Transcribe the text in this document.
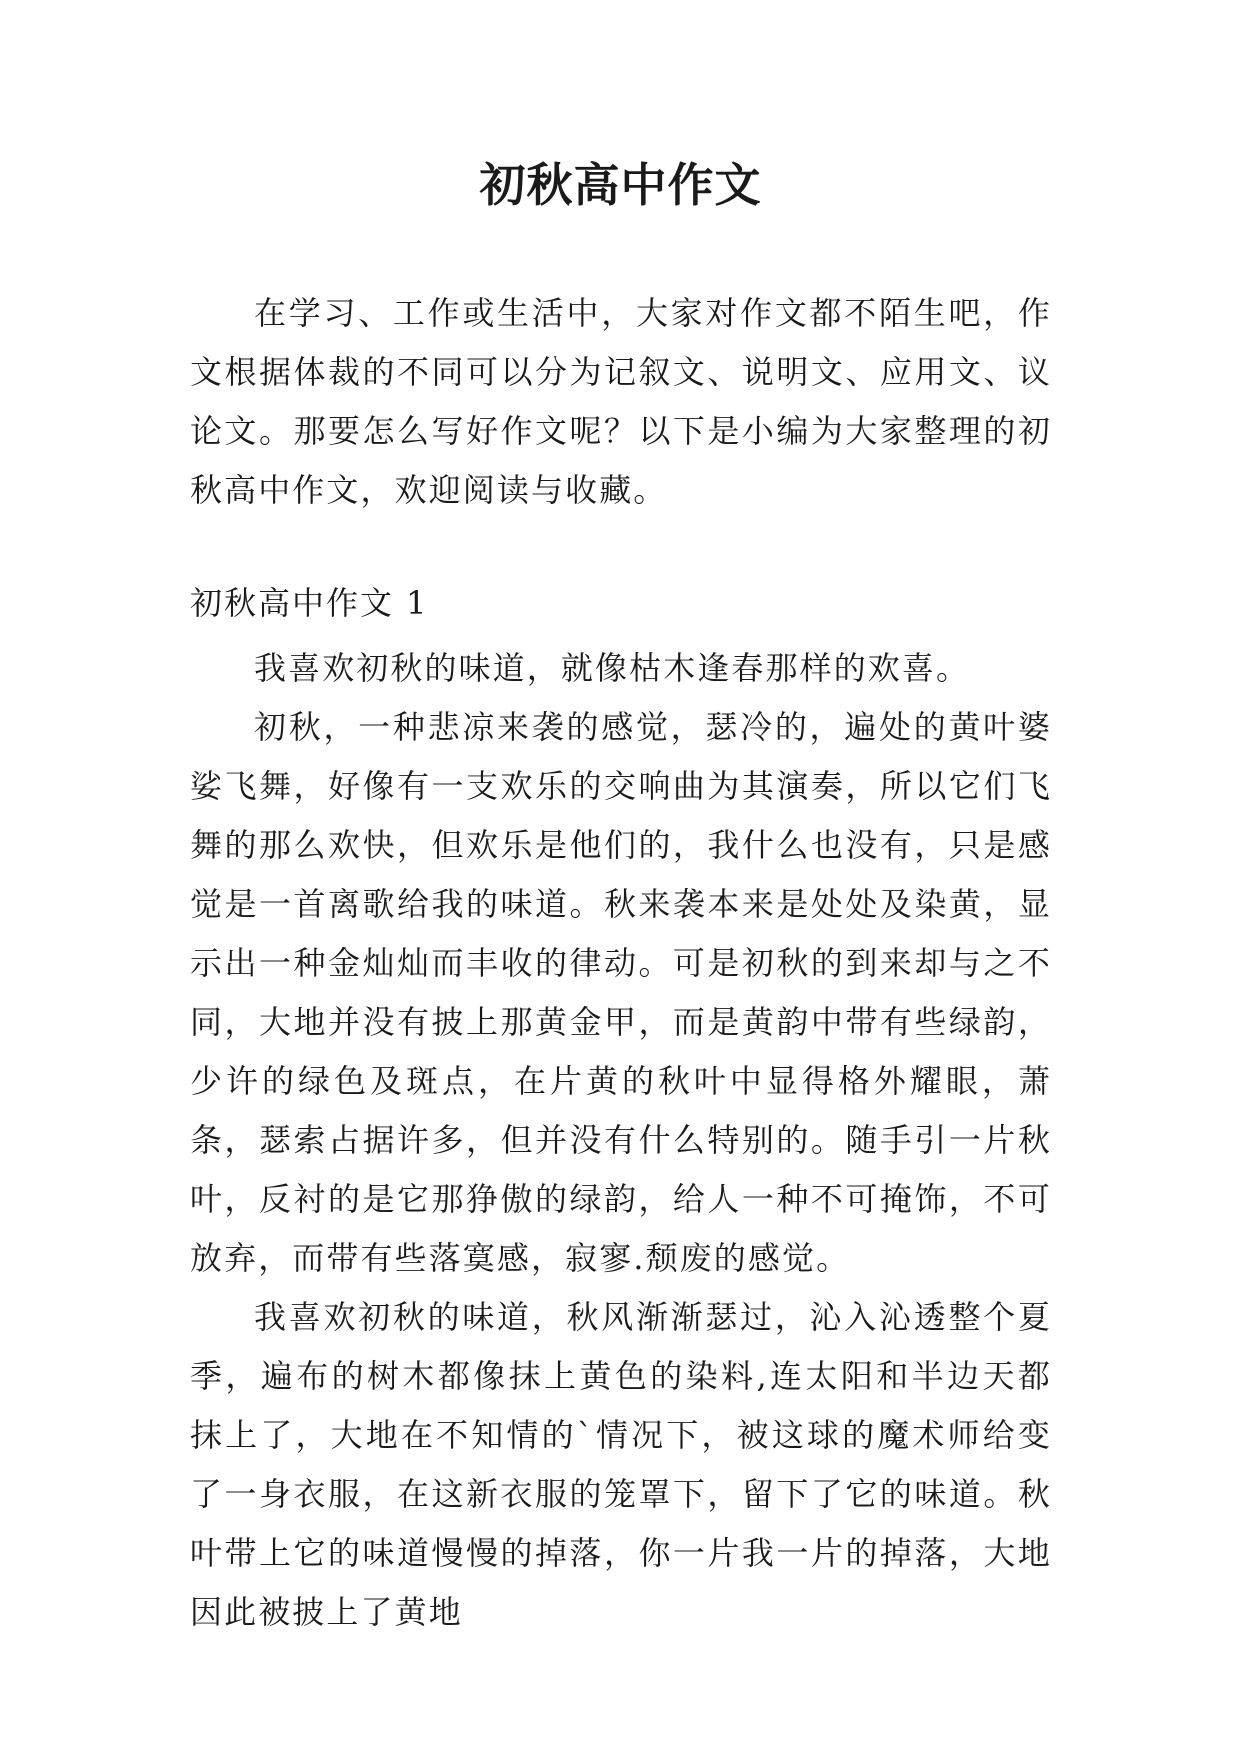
初秋高中作文

在学习、工作或生活中，大家对作文都不陌生吧，作文根据体裁的不同可以分为记叙文、说明文、应用文、议论文。那要怎么写好作文呢？以下是小编为大家整理的初秋高中作文，欢迎阅读与收藏。

初秋高中作文 1

我喜欢初秋的味道，就像枯木逢春那样的欢喜。

初秋，一种悲凉来袭的感觉，瑟冷的，遍处的黄叶婆娑飞舞，好像有一支欢乐的交响曲为其演奏，所以它们飞舞的那么欢快，但欢乐是他们的，我什么也没有，只是感觉是一首离歌给我的味道。秋来袭本来是处处及染黄，显示出一种金灿灿而丰收的律动。可是初秋的到来却与之不同，大地并没有披上那黄金甲，而是黄韵中带有些绿韵，少许的绿色及斑点，在片黄的秋叶中显得格外耀眼，萧条，瑟索占据许多，但并没有什么特别的。随手引一片秋叶，反衬的是它那狰傲的绿韵，给人一种不可掩饰，不可放弃，而带有些落寞感，寂寥.颓废的感觉。

我喜欢初秋的味道，秋风渐渐瑟过，沁入沁透整个夏季，遍布的树木都像抹上黄色的染料,连太阳和半边天都抹上了，大地在不知情的`情况下，被这球的魔术师给变了一身衣服，在这新衣服的笼罩下，留下了它的味道。秋叶带上它的味道慢慢的掉落，你一片我一片的掉落，大地因此被披上了黄地
